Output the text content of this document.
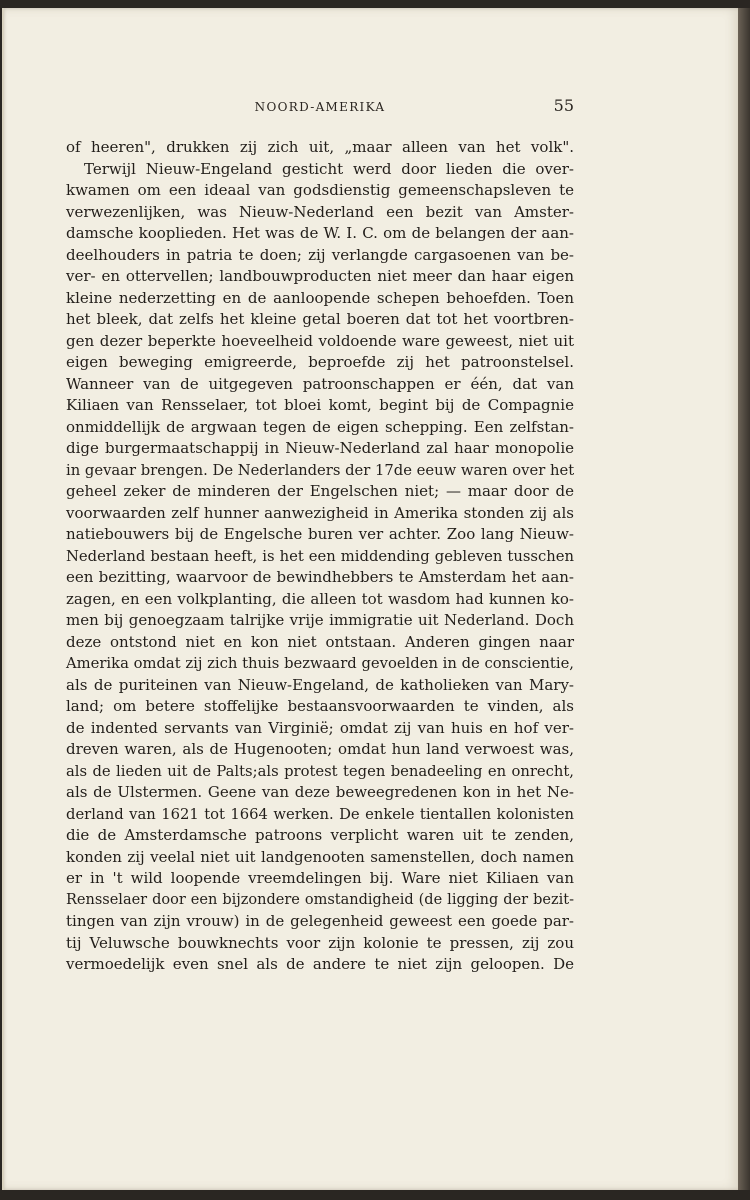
NOORD-AMERIKA	55
of heeren", drukken zij zich uit, „maar alleen van het volk".
Terwijl Nieuw-Engeland gesticht werd door lieden die over-
kwamen om een ideaal van godsdienstig gemeenschapsleven te
verwezenlijken, was Nieuw-Nederland een bezit van Amster-
damsche kooplieden. Het was de W. I. C. om de belangen der aan-
deelhouders in patria te doen; zij verlangde cargasoenen van be-
ver- en ottervellen; landbouwproducten niet meer dan haar eigen
kleine nederzetting en de aanloopende schepen behoefden. Toen
het bleek, dat zelfs het kleine getal boeren dat tot het voortbren-
gen dezer beperkte hoeveelheid voldoende ware geweest, niet uit
eigen beweging emigreerde, beproefde zij het patroonstelsel.
Wanneer van de uitgegeven patroonschappen er één, dat van
Kiliaen van Rensselaer, tot bloei komt, begint bij de Compagnie
onmiddellijk de argwaan tegen de eigen schepping. Een zelfstan-
dige burgermaatschappij in Nieuw-Nederland zal haar monopolie
in gevaar brengen. De Nederlanders der 17de eeuw waren over het
geheel zeker de minderen der Engelschen niet; — maar door de
voorwaarden zelf hunner aanwezigheid in Amerika stonden zij als
natiebouwers bij de Engelsche buren ver achter. Zoo lang Nieuw-
Nederland bestaan heeft, is het een middending gebleven tusschen
een bezitting, waarvoor de bewindhebbers te Amsterdam het aan-
zagen, en een volkplanting, die alleen tot wasdom had kunnen ko-
men bij genoegzaam talrijke vrije immigratie uit Nederland. Doch
deze ontstond niet en kon niet ontstaan. Anderen gingen naar
Amerika omdat zij zich thuis bezwaard gevoelden in de conscientie,
als de puriteinen van Nieuw-Engeland, de katholieken van Mary-
land; om betere stoffelijke bestaansvoorwaarden te vinden, als
de indented servants van Virginië; omdat zij van huis en hof ver-
dreven waren, als de Hugenooten; omdat hun land verwoest was,
als de lieden uit de Palts;als protest tegen benadeeling en onrecht,
als de Ulstermen. Geene van deze beweegredenen kon in het Ne-
derland van 1621 tot 1664 werken. De enkele tientallen kolonisten
die de Amsterdamsche patroons verplicht waren uit te zenden,
konden zij veelal niet uit landgenooten samenstellen, doch namen
er in 't wild loopende vreemdelingen bij. Ware niet Kiliaen van
Rensselaer door een bijzondere omstandigheid (de ligging der bezit-
tingen van zijn vrouw) in de gelegenheid geweest een goede par-
tij Veluwsche bouwknechts voor zijn kolonie te pressen, zij zou
vermoedelijk even snel als de andere te niet zijn geloopen. De
